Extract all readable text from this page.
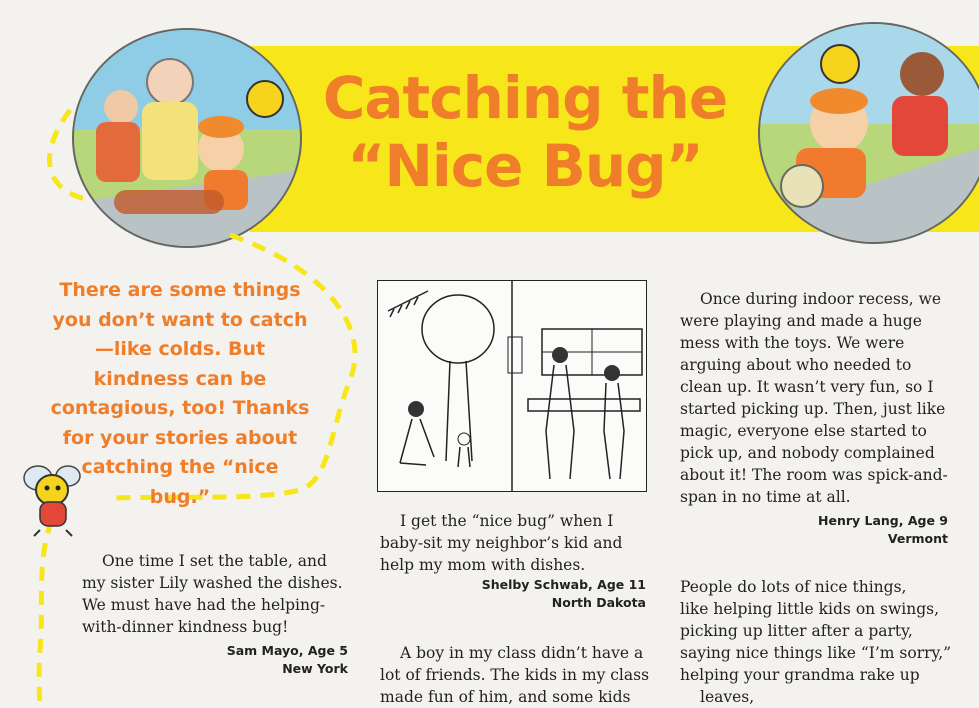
Catching the
“Nice Bug”
There are some things you don’t want to catch—like colds. But kindness can be contagious, too! Thanks for your stories about catching the “nice bug.”

One time I set the table, and my sister Lily washed the dishes. We must have had the helping-with-dinner kindness bug!

Sam Mayo, Age 5
New York

I get the “nice bug” when I baby-sit my neighbor’s kid and help my mom with dishes.

Shelby Schwab, Age 11
North Dakota

A boy in my class didn’t have a lot of friends. The kids in my class made fun of him, and some kids

Once during indoor recess, we were playing and made a huge mess with the toys. We were arguing about who needed to clean up. It wasn’t very fun, so I started picking up. Then, just like magic, everyone else started to pick up, and nobody complained about it! The room was spick-and-span in no time at all.

Henry Lang, Age 9
Vermont
People do lots of nice things,
like helping little kids on swings,
picking up litter after a party,
saying nice things like “I’m sorry,”
helping your grandma rake up
leaves,
